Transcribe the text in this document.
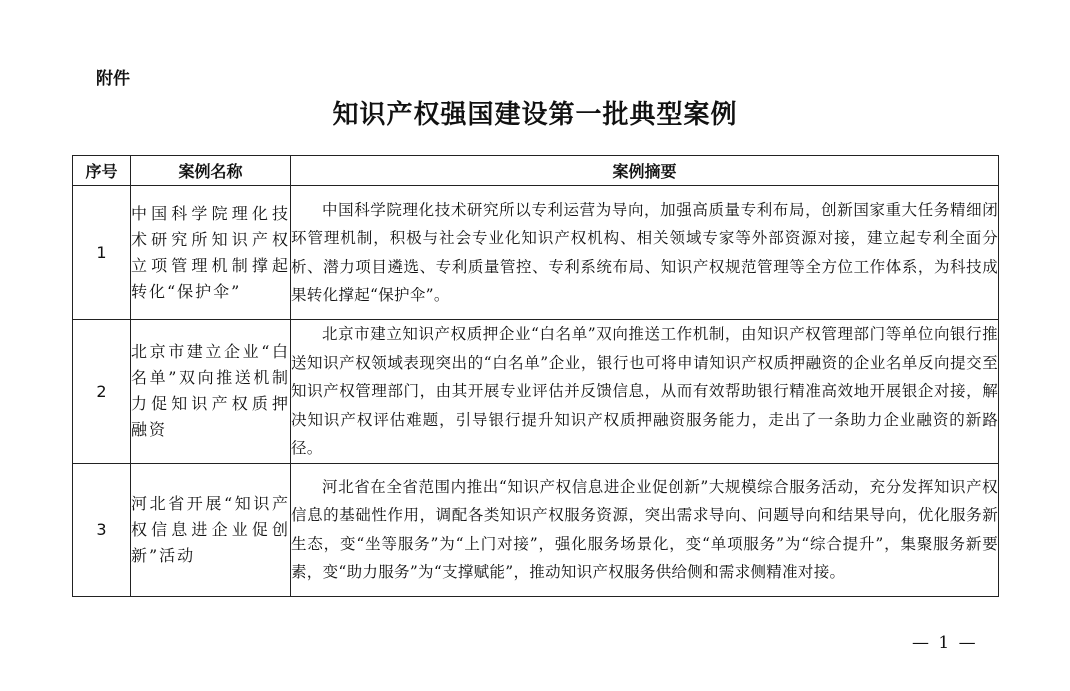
附件
知识产权强国建设第一批典型案例
序号	案例名称	案例摘要
1	中国科学院理化技术研究所知识产权立项管理机制撑起转化“保护伞”	中国科学院理化技术研究所以专利运营为导向，加强高质量专利布局，创新国家重大任务精细闭环管理机制，积极与社会专业化知识产权机构、相关领域专家等外部资源对接，建立起专利全面分析、潜力项目遴选、专利质量管控、专利系统布局、知识产权规范管理等全方位工作体系，为科技成果转化撑起“保护伞”。
2	北京市建立企业“白名单”双向推送机制 力促知识产权质押融资	北京市建立知识产权质押企业“白名单”双向推送工作机制，由知识产权管理部门等单位向银行推送知识产权领域表现突出的“白名单”企业，银行也可将申请知识产权质押融资的企业名单反向提交至知识产权管理部门，由其开展专业评估并反馈信息，从而有效帮助银行精准高效地开展银企对接，解决知识产权评估难题，引导银行提升知识产权质押融资服务能力，走出了一条助力企业融资的新路径。
3	河北省开展“知识产权信息进企业促创新”活动	河北省在全省范围内推出“知识产权信息进企业促创新”大规模综合服务活动，充分发挥知识产权信息的基础性作用，调配各类知识产权服务资源，突出需求导向、问题导向和结果导向，优化服务新生态，变“坐等服务”为“上门对接”，强化服务场景化，变“单项服务”为“综合提升”，集聚服务新要素，变“助力服务”为“支撑赋能”，推动知识产权服务供给侧和需求侧精准对接。
— 1 —
